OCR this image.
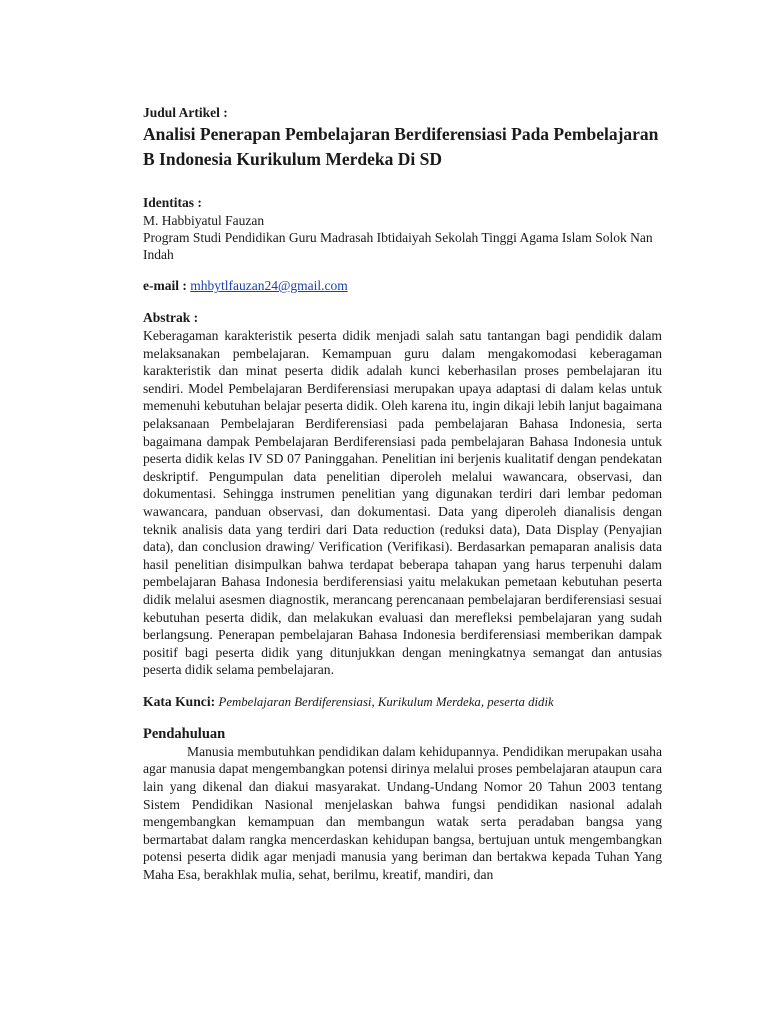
Judul Artikel :

Analisi Penerapan Pembelajaran Berdiferensiasi Pada Pembelajaran
B Indonesia Kurikulum Merdeka Di SD

Identitas :
M. Habbiyatul Fauzan
Program Studi Pendidikan Guru Madrasah Ibtidaiyah Sekolah Tinggi Agama Islam Solok Nan Indah
e-mail : mhbytlfauzan24@gmail.com
Abstrak :

Keberagaman karakteristik peserta didik menjadi salah satu tantangan bagi pendidik dalam melaksanakan pembelajaran. Kemampuan guru dalam mengakomodasi keberagaman karakteristik dan minat peserta didik adalah kunci keberhasilan proses pembelajaran itu sendiri. Model Pembelajaran Berdiferensiasi merupakan upaya adaptasi di dalam kelas untuk memenuhi kebutuhan belajar peserta didik. Oleh karena itu, ingin dikaji lebih lanjut bagaimana pelaksanaan Pembelajaran Berdiferensiasi pada pembelajaran Bahasa Indonesia, serta bagaimana dampak Pembelajaran Berdiferensiasi pada pembelajaran Bahasa Indonesia untuk peserta didik kelas IV SD 07 Paninggahan. Penelitian ini berjenis kualitatif dengan pendekatan deskriptif. Pengumpulan data penelitian diperoleh melalui wawancara, observasi, dan dokumentasi. Sehingga instrumen penelitian yang digunakan terdiri dari lembar pedoman wawancara, panduan observasi, dan dokumentasi. Data yang diperoleh dianalisis dengan teknik analisis data yang terdiri dari Data reduction (reduksi data), Data Display (Penyajian data), dan conclusion drawing/ Verification (Verifikasi). Berdasarkan pemaparan analisis data hasil penelitian disimpulkan bahwa terdapat beberapa tahapan yang harus terpenuhi dalam pembelajaran Bahasa Indonesia berdiferensiasi yaitu melakukan pemetaan kebutuhan peserta didik melalui asesmen diagnostik, merancang perencanaan pembelajaran berdiferensiasi sesuai kebutuhan peserta didik, dan melakukan evaluasi dan merefleksi pembelajaran yang sudah berlangsung. Penerapan pembelajaran Bahasa Indonesia berdiferensiasi memberikan dampak positif bagi peserta didik yang ditunjukkan dengan meningkatnya semangat dan antusias peserta didik selama pembelajaran.

Kata Kunci: Pembelajaran Berdiferensiasi, Kurikulum Merdeka, peserta didik

Pendahuluan

Manusia membutuhkan pendidikan dalam kehidupannya. Pendidikan merupakan usaha agar manusia dapat mengembangkan potensi dirinya melalui proses pembelajaran ataupun cara lain yang dikenal dan diakui masyarakat. Undang-Undang Nomor 20 Tahun 2003 tentang Sistem Pendidikan Nasional menjelaskan bahwa fungsi pendidikan nasional adalah mengembangkan kemampuan dan membangun watak serta peradaban bangsa yang bermartabat dalam rangka mencerdaskan kehidupan bangsa, bertujuan untuk mengembangkan potensi peserta didik agar menjadi manusia yang beriman dan bertakwa kepada Tuhan Yang Maha Esa, berakhlak mulia, sehat, berilmu, kreatif, mandiri, dan
